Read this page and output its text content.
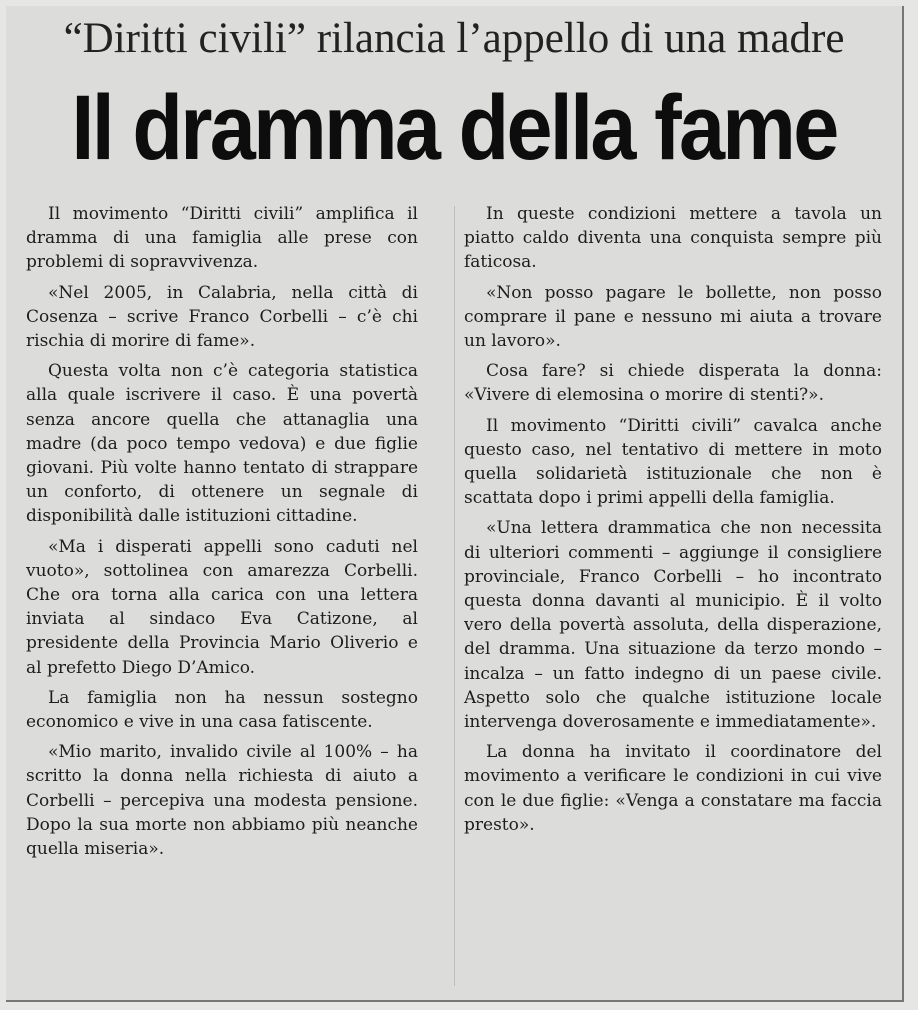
“Diritti civili” rilancia l’appello di una madre
Il dramma della fame

Il movimento “Diritti civili” amplifica il dramma di una famiglia alle prese con problemi di sopravvivenza.

«Nel 2005, in Calabria, nella città di Cosenza – scrive Franco Corbelli – c’è chi rischia di morire di fame».

Questa volta non c’è categoria statistica alla quale iscrivere il caso. È una povertà senza ancore quella che attanaglia una madre (da poco tempo vedova) e due figlie giovani. Più volte hanno tentato di strappare un conforto, di ottenere un segnale di disponibilità dalle istituzioni cittadine.

«Ma i disperati appelli sono caduti nel vuoto», sottolinea con amarezza Corbelli. Che ora torna alla carica con una lettera inviata al sindaco Eva Catizone, al presidente della Provincia Mario Oliverio e al prefetto Diego D’Amico.

La famiglia non ha nessun sostegno economico e vive in una casa fatiscente.

«Mio marito, invalido civile al 100% – ha scritto la donna nella richiesta di aiuto a Corbelli – percepiva una modesta pensione. Dopo la sua morte non abbiamo più neanche quella miseria».

In queste condizioni mettere a tavola un piatto caldo diventa una conquista sempre più faticosa.

«Non posso pagare le bollette, non posso comprare il pane e nessuno mi aiuta a trovare un lavoro».

Cosa fare? si chiede disperata la donna: «Vivere di elemosina o morire di stenti?».

Il movimento “Diritti civili” cavalca anche questo caso, nel tentativo di mettere in moto quella solidarietà istituzionale che non è scattata dopo i primi appelli della famiglia.

«Una lettera drammatica che non necessita di ulteriori commenti – aggiunge il consigliere provinciale, Franco Corbelli – ho incontrato questa donna davanti al municipio. È il volto vero della povertà assoluta, della disperazione, del dramma. Una situazione da terzo mondo – incalza – un fatto indegno di un paese civile. Aspetto solo che qualche istituzione locale intervenga doverosamente e immediatamente».

La donna ha invitato il coordinatore del movimento a verificare le condizioni in cui vive con le due figlie: «Venga a constatare ma faccia presto».
